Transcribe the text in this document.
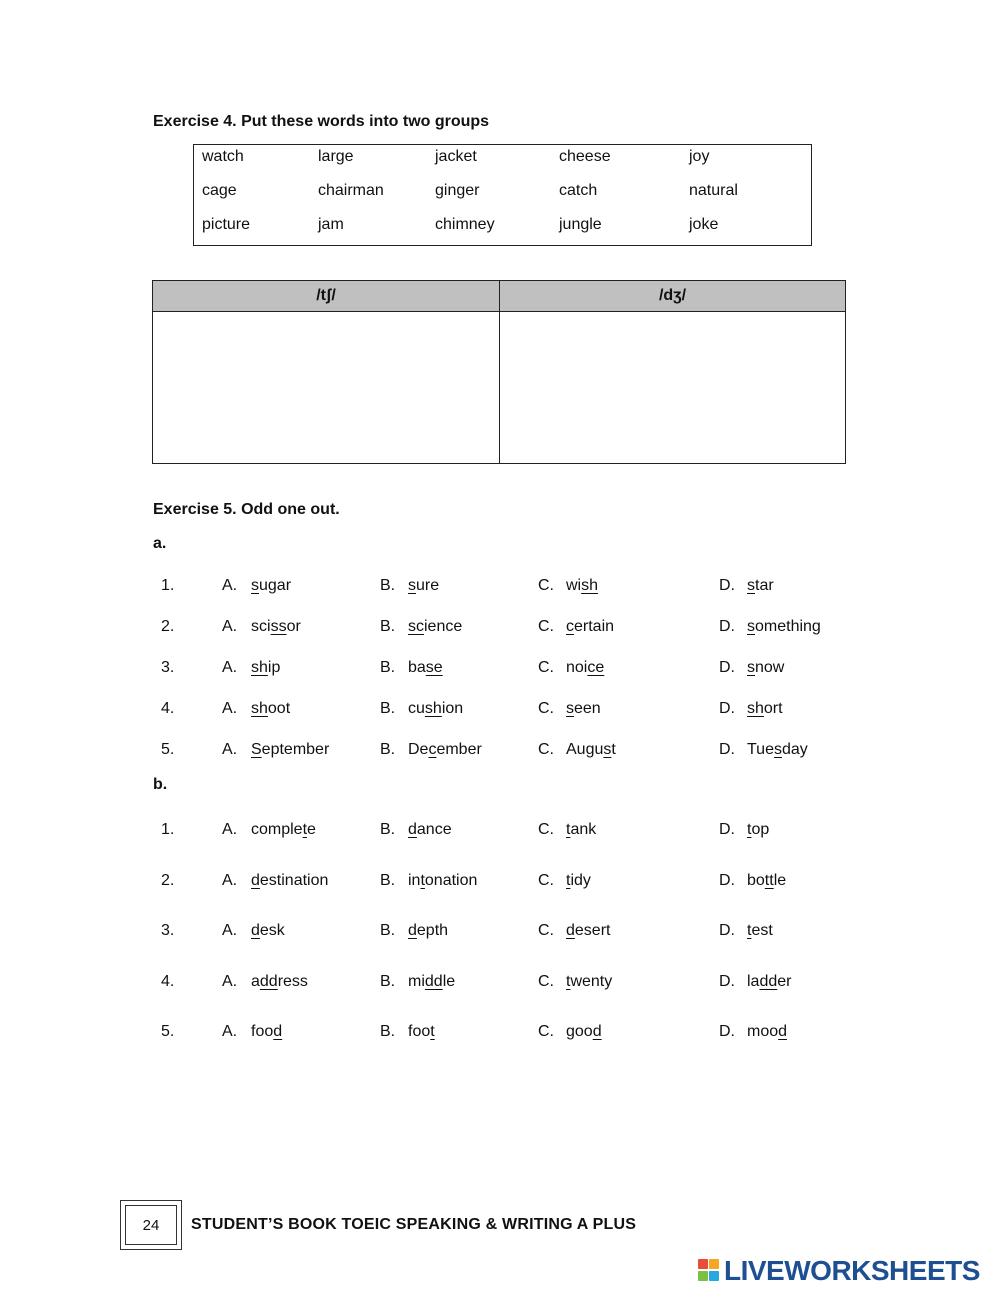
Exercise 4. Put these words into two groups
watch	large	jacket	cheese	joy
cage	chairman	ginger	catch	natural
picture	jam	chimney	jungle	joke
/tʃ/	/dʒ/
Exercise 5. Odd one out.
a.
b.
1.	A. sugar	B. sure	C. wish	D. star
2.	A. scissor	B. science	C. certain	D. something
3.	A. ship	B. base	C. noice	D. snow
4.	A. shoot	B. cushion	C. seen	D. short
5.	A. September	B. December	C. August	D. Tuesday
1.	A. complete	B. dance	C. tank	D. top
2.	A. destination	B. intonation	C. tidy	D. bottle
3.	A. desk	B. depth	C. desert	D. test
4.	A. address	B. middle	C. twenty	D. ladder
5.	A. food	B. foot	C. good	D. mood
24	STUDENT’S BOOK TOEIC SPEAKING & WRITING A PLUS
LIVEWORKSHEETS
